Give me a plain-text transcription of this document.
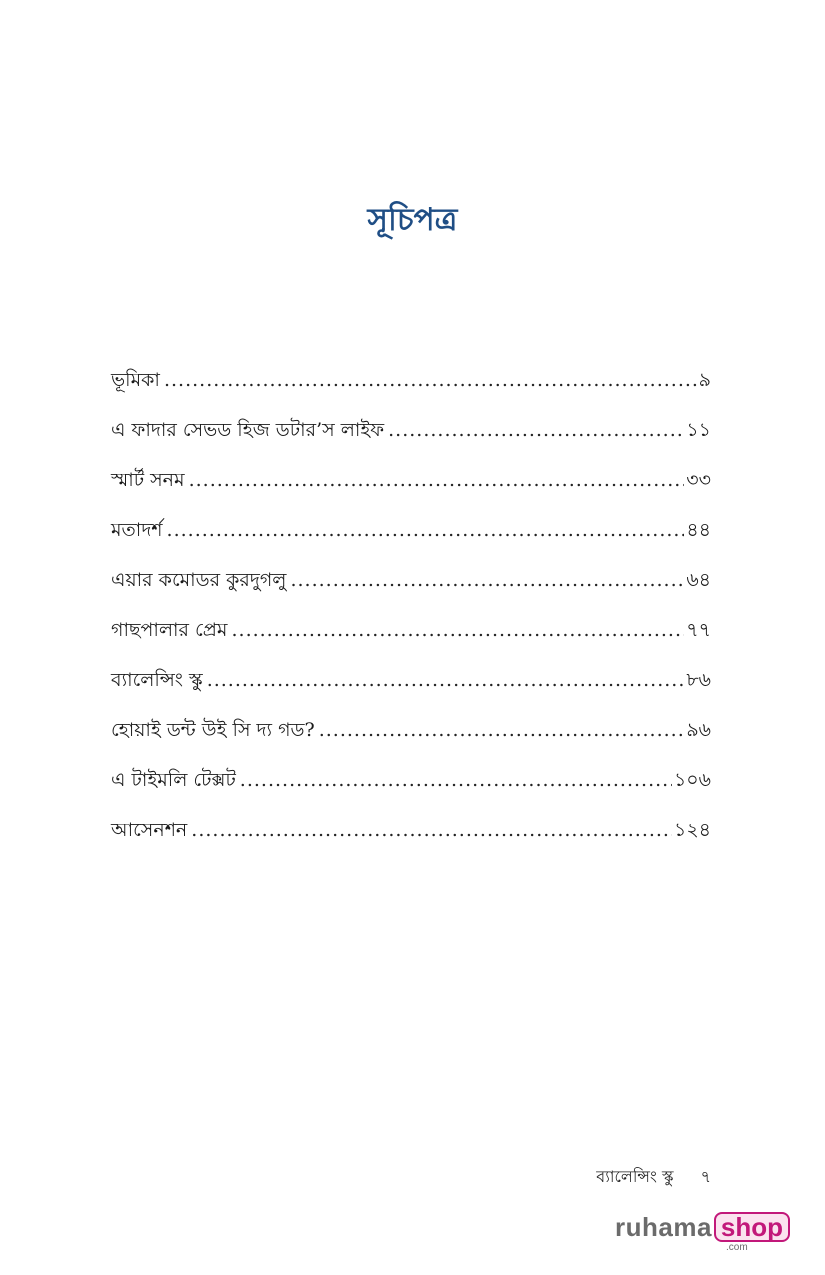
সূচিপত্র
ভূমিকা .....	৯
এ ফাদার সেভড হিজ ডটার’স লাইফ .....	১১
স্মার্ট সনম .....	৩৩
মতাদর্শ .....	৪৪
এয়ার কমোডর কুরদুগলু .....	৬৪
গাছপালার প্রেম .....	৭৭
ব্যালেন্সিং স্কু .....	৮৬
হোয়াই ডন্ট উই সি দ্য গড? .....	৯৬
এ টাইমলি টেক্সট .....	১০৬
আসেনশন .....	১২৪
ব্যালেন্সিং স্কু ৭
ruhama shop
.com
